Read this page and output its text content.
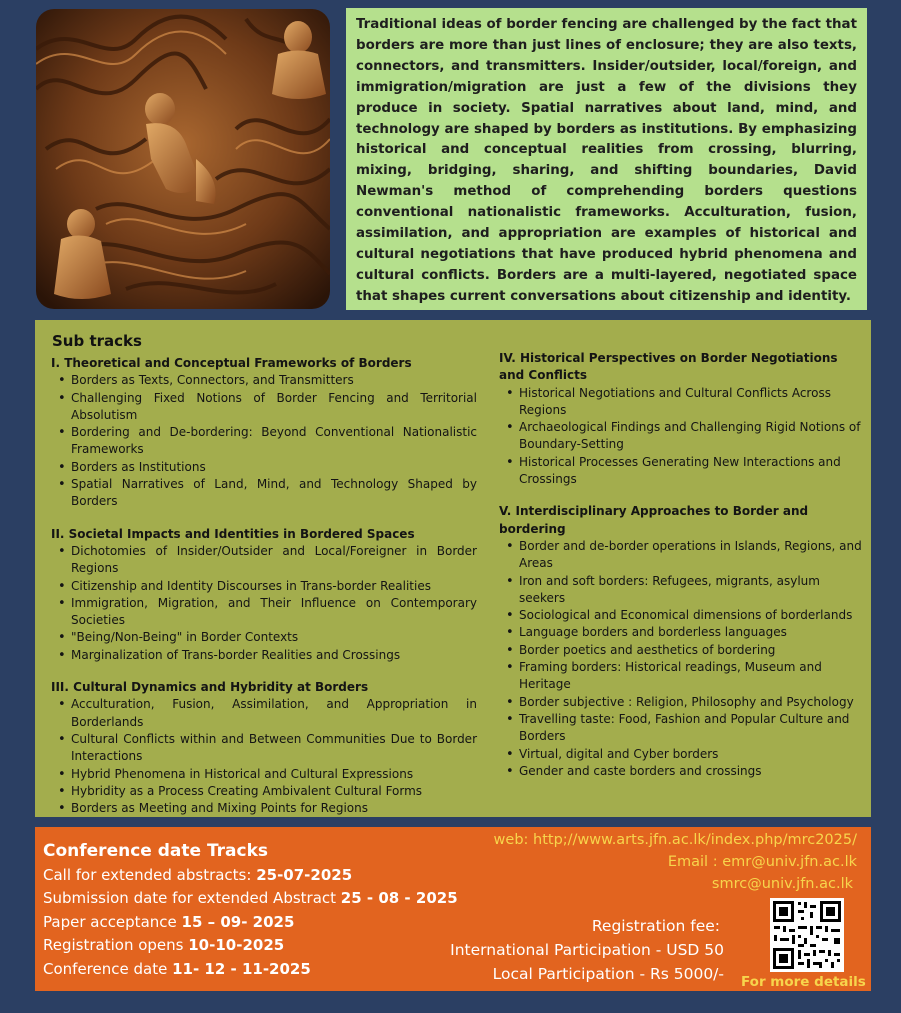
Traditional ideas of border fencing are challenged by the fact that borders are more than just lines of enclosure; they are also texts, connectors, and transmitters. Insider/outsider, local/foreign, and immigration/migration are just a few of the divisions they produce in society. Spatial narratives about land, mind, and technology are shaped by borders as institutions. By emphasizing historical and conceptual realities from crossing, blurring, mixing, bridging, sharing, and shifting boundaries, David Newman's method of comprehending borders questions conventional nationalistic frameworks. Acculturation, fusion, assimilation, and appropriation are examples of historical and cultural negotiations that have produced hybrid phenomena and cultural conflicts. Borders are a multi-layered, negotiated space that shapes current conversations about citizenship and identity.
Sub tracks
I. Theoretical and Conceptual Frameworks of Borders
• Borders as Texts, Connectors, and Transmitters
• Challenging Fixed Notions of Border Fencing and Territorial Absolutism
• Bordering and De-bordering: Beyond Conventional Nationalistic Frameworks
• Borders as Institutions
• Spatial Narratives of Land, Mind, and Technology Shaped by Borders
II. Societal Impacts and Identities in Bordered Spaces
• Dichotomies of Insider/Outsider and Local/Foreigner in Border Regions
• Citizenship and Identity Discourses in Trans-border Realities
• Immigration, Migration, and Their Influence on Contemporary Societies
• "Being/Non-Being" in Border Contexts
• Marginalization of Trans-border Realities and Crossings
III. Cultural Dynamics and Hybridity at Borders
• Acculturation, Fusion, Assimilation, and Appropriation in Borderlands
• Cultural Conflicts within and Between Communities Due to Border Interactions
• Hybrid Phenomena in Historical and Cultural Expressions
• Hybridity as a Process Creating Ambivalent Cultural Forms
• Borders as Meeting and Mixing Points for Regions
IV. Historical Perspectives on Border Negotiations and Conflicts
• Historical Negotiations and Cultural Conflicts Across Regions
• Archaeological Findings and Challenging Rigid Notions of Boundary-Setting
• Historical Processes Generating New Interactions and Crossings
V. Interdisciplinary Approaches to Border and bordering
• Border and de-border operations in Islands, Regions, and Areas
• Iron and soft borders: Refugees, migrants, asylum seekers
• Sociological and Economical dimensions of borderlands
• Language borders and borderless languages
• Border poetics and aesthetics of bordering
• Framing borders: Historical readings, Museum and Heritage
• Border subjective : Religion, Philosophy and Psychology
• Travelling taste: Food, Fashion and Popular Culture and Borders
• Virtual, digital and Cyber borders
• Gender and caste borders and crossings
Conference date Tracks
Call for extended abstracts: 25-07-2025
Submission date for extended Abstract 25 - 08 - 2025
Paper acceptance 15 – 09- 2025
Registration opens 10-10-2025
Conference date 11- 12 - 11-2025
web: http;//www.arts.jfn.ac.lk/index.php/mrc2025/
Email : emr@univ.jfn.ac.lk
smrc@univ.jfn.ac.lk
Registration fee:
International Participation - USD 50
Local Participation - Rs 5000/- For more details
